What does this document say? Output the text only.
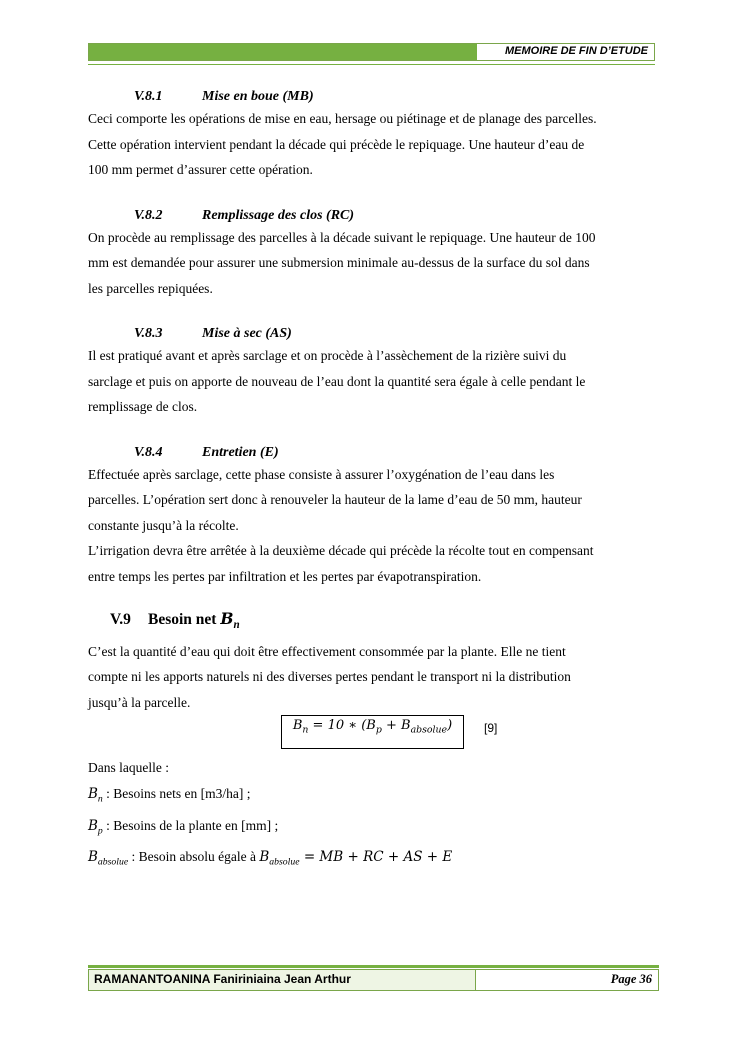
MEMOIRE DE FIN D’ETUDE
V.8.1	Mise en boue (MB)

Ceci comporte les opérations de mise en eau, hersage ou piétinage et de planage des parcelles.

Cette opération intervient pendant la décade qui précède le repiquage. Une hauteur d’eau de

100 mm permet d’assurer cette opération.

V.8.2	Remplissage des clos (RC)

On procède au remplissage des parcelles à la décade suivant le repiquage. Une hauteur de 100

mm est demandée pour assurer une submersion minimale au-dessus de la surface du sol dans

les parcelles repiquées.

V.8.3	Mise à sec (AS)

Il est pratiqué avant et après sarclage et on procède à l’assèchement de la rizière suivi du

sarclage et puis on apporte de nouveau de l’eau dont la quantité sera égale à celle pendant le

remplissage de clos.

V.8.4	Entretien (E)

Effectuée après sarclage, cette phase consiste à assurer l’oxygénation de l’eau dans les

parcelles. L’opération sert donc à renouveler la hauteur de la lame d’eau de 50 mm, hauteur

constante jusqu’à la récolte.

L’irrigation devra être arrêtée à la deuxième décade qui précède la récolte tout en compensant

entre temps les pertes par infiltration et les pertes par évapotranspiration.

V.9 Besoin net $B_n$

C’est la quantité d’eau qui doit être effectivement consommée par la plante. Elle ne tient

compte ni les apports naturels ni des diverses pertes pendant le transport ni la distribution

jusqu’à la parcelle.

$B_n = 10$ ∗ $(B_p + B_{absolue})$	[9]

Dans laquelle :

$B_n$ : Besoins nets en [m3/ha] ;

$B_p$ : Besoins de la plante en [mm] ;

$B_{absolue}$ : Besoin absolu égale à $B_{absolue}$ = MB + RC + AS + E

RAMANANTOANINA Faniriniaina Jean Arthur	Page 36
